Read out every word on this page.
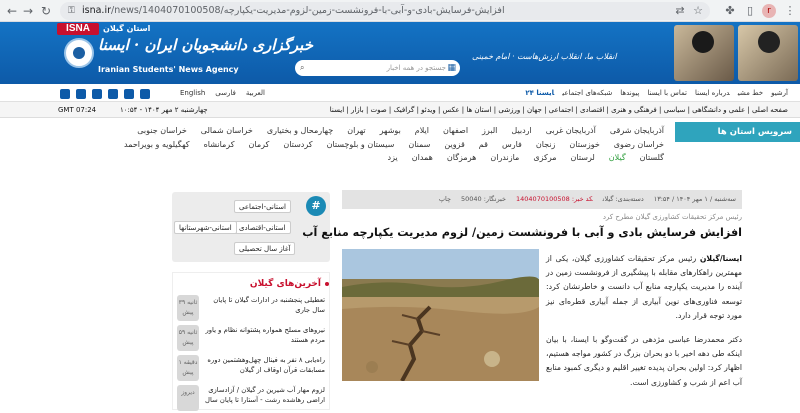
← → ↻	⚿ isna.ir/news/1404070100508/افزایش-فرسایش-بادی-و-آبی-با-فرونشست-زمین-لزوم-مدیریت-یکپارچه	⇄ ☆	✤	▯	r	⋮
ISNA	استان گیلان
خبرگزاری دانشجویان ایران · ایسنا
Iranian Students' News Agency	⌕	جستجو در همه اخبار ▦
انقلاب ما، انقلاب ارزش‌هاست · امام خمینی
English	العربيةفارسی	آرشیوخط مشیدرباره ایسناتماس با ایسناپیوندهاشبکه‌های اجتماعیایسنا ۲۴
GMT 07:24	چهارشنبه ۲ مهر ۱۴۰۴ - ۱۰:۵۴	صفحه اصلی | علمی و دانشگاهی | سیاسی | فرهنگی و هنری | اقتصادی | اجتماعی | جهان | ورزشی | استان ها | عکس | ویدئو | گرافیک | صوت | بازار | ایسنا
سرویس استان ها
آذربایجان شرقیآذربایجان غربیاردبیلالبرزاصفهانایلامبوشهرتهرانچهارمحال و بختیاریخراسان شمالیخراسان جنوبیخراسان رضویخوزستانزنجانفارسقمقزوینسمنانسیستان و بلوچستانکردستانکرمانکرمانشاهکهگیلویه و بویراحمدگلستانگیلانلرستانمرکزیمازندرانهرمزگانهمدانیزد
#
استانی-اجتماعی
استانی-اقتصادی
استانی-شهرستانها
آغاز سال تحصیلی
آخرین‌های گیلان
۳۹ ثانیه پیش
تعطیلی پنجشنبه در ادارات گیلان تا پایان سال جاری
۵۹ ثانیه پیش
نیروهای مسلح همواره پشتوانه نظام و یاور مردم هستند
۱ دقیقه پیش
راه‌یابی ۸ نفر به فینال چهل‌وهشتمین دوره مسابقات قرآن اوقاف از گیلان
دیروز	لزوم مهار آب شیرین در گیلان / آزادسازی اراضی رهاشده رشت - آستارا تا پایان سال
سه‌شنبه / ۱ مهر ۱۴۰۴ / ۱۳:۵۴دسته‌بندی: گیلانکد خبر: 1404070100508خبرنگار: 50040چاپ
رئیس مرکز تحقیقات کشاورزی گیلان مطرح کرد
افزایش فرسایش بادی و آبی با فرونشست زمین/ لزوم مدیریت یکپارچه منابع آب

ایسنا/گیلان رئیس مرکز تحقیقات کشاورزی گیلان، یکی از مهمترین راهکارهای مقابله با پیشگیری از فرونشست زمین در آینده را مدیریت یکپارچه منابع آب دانست و خاطرنشان کرد: توسعه فناوری‌های نوین آبیاری از جمله آبیاری قطره‌ای نیز مورد توجه قرار دارد.

دکتر محمدرضا عباسی مژدهی در گفت‌وگو با ایسنا، با بیان اینکه طی دهه اخیر با دو بحران بزرگ در کشور مواجه هستیم، اظهار کرد: اولین بحران پدیده تغییر اقلیم و دیگری کمبود منابع آب اعم از شرب و کشاورزی است.
